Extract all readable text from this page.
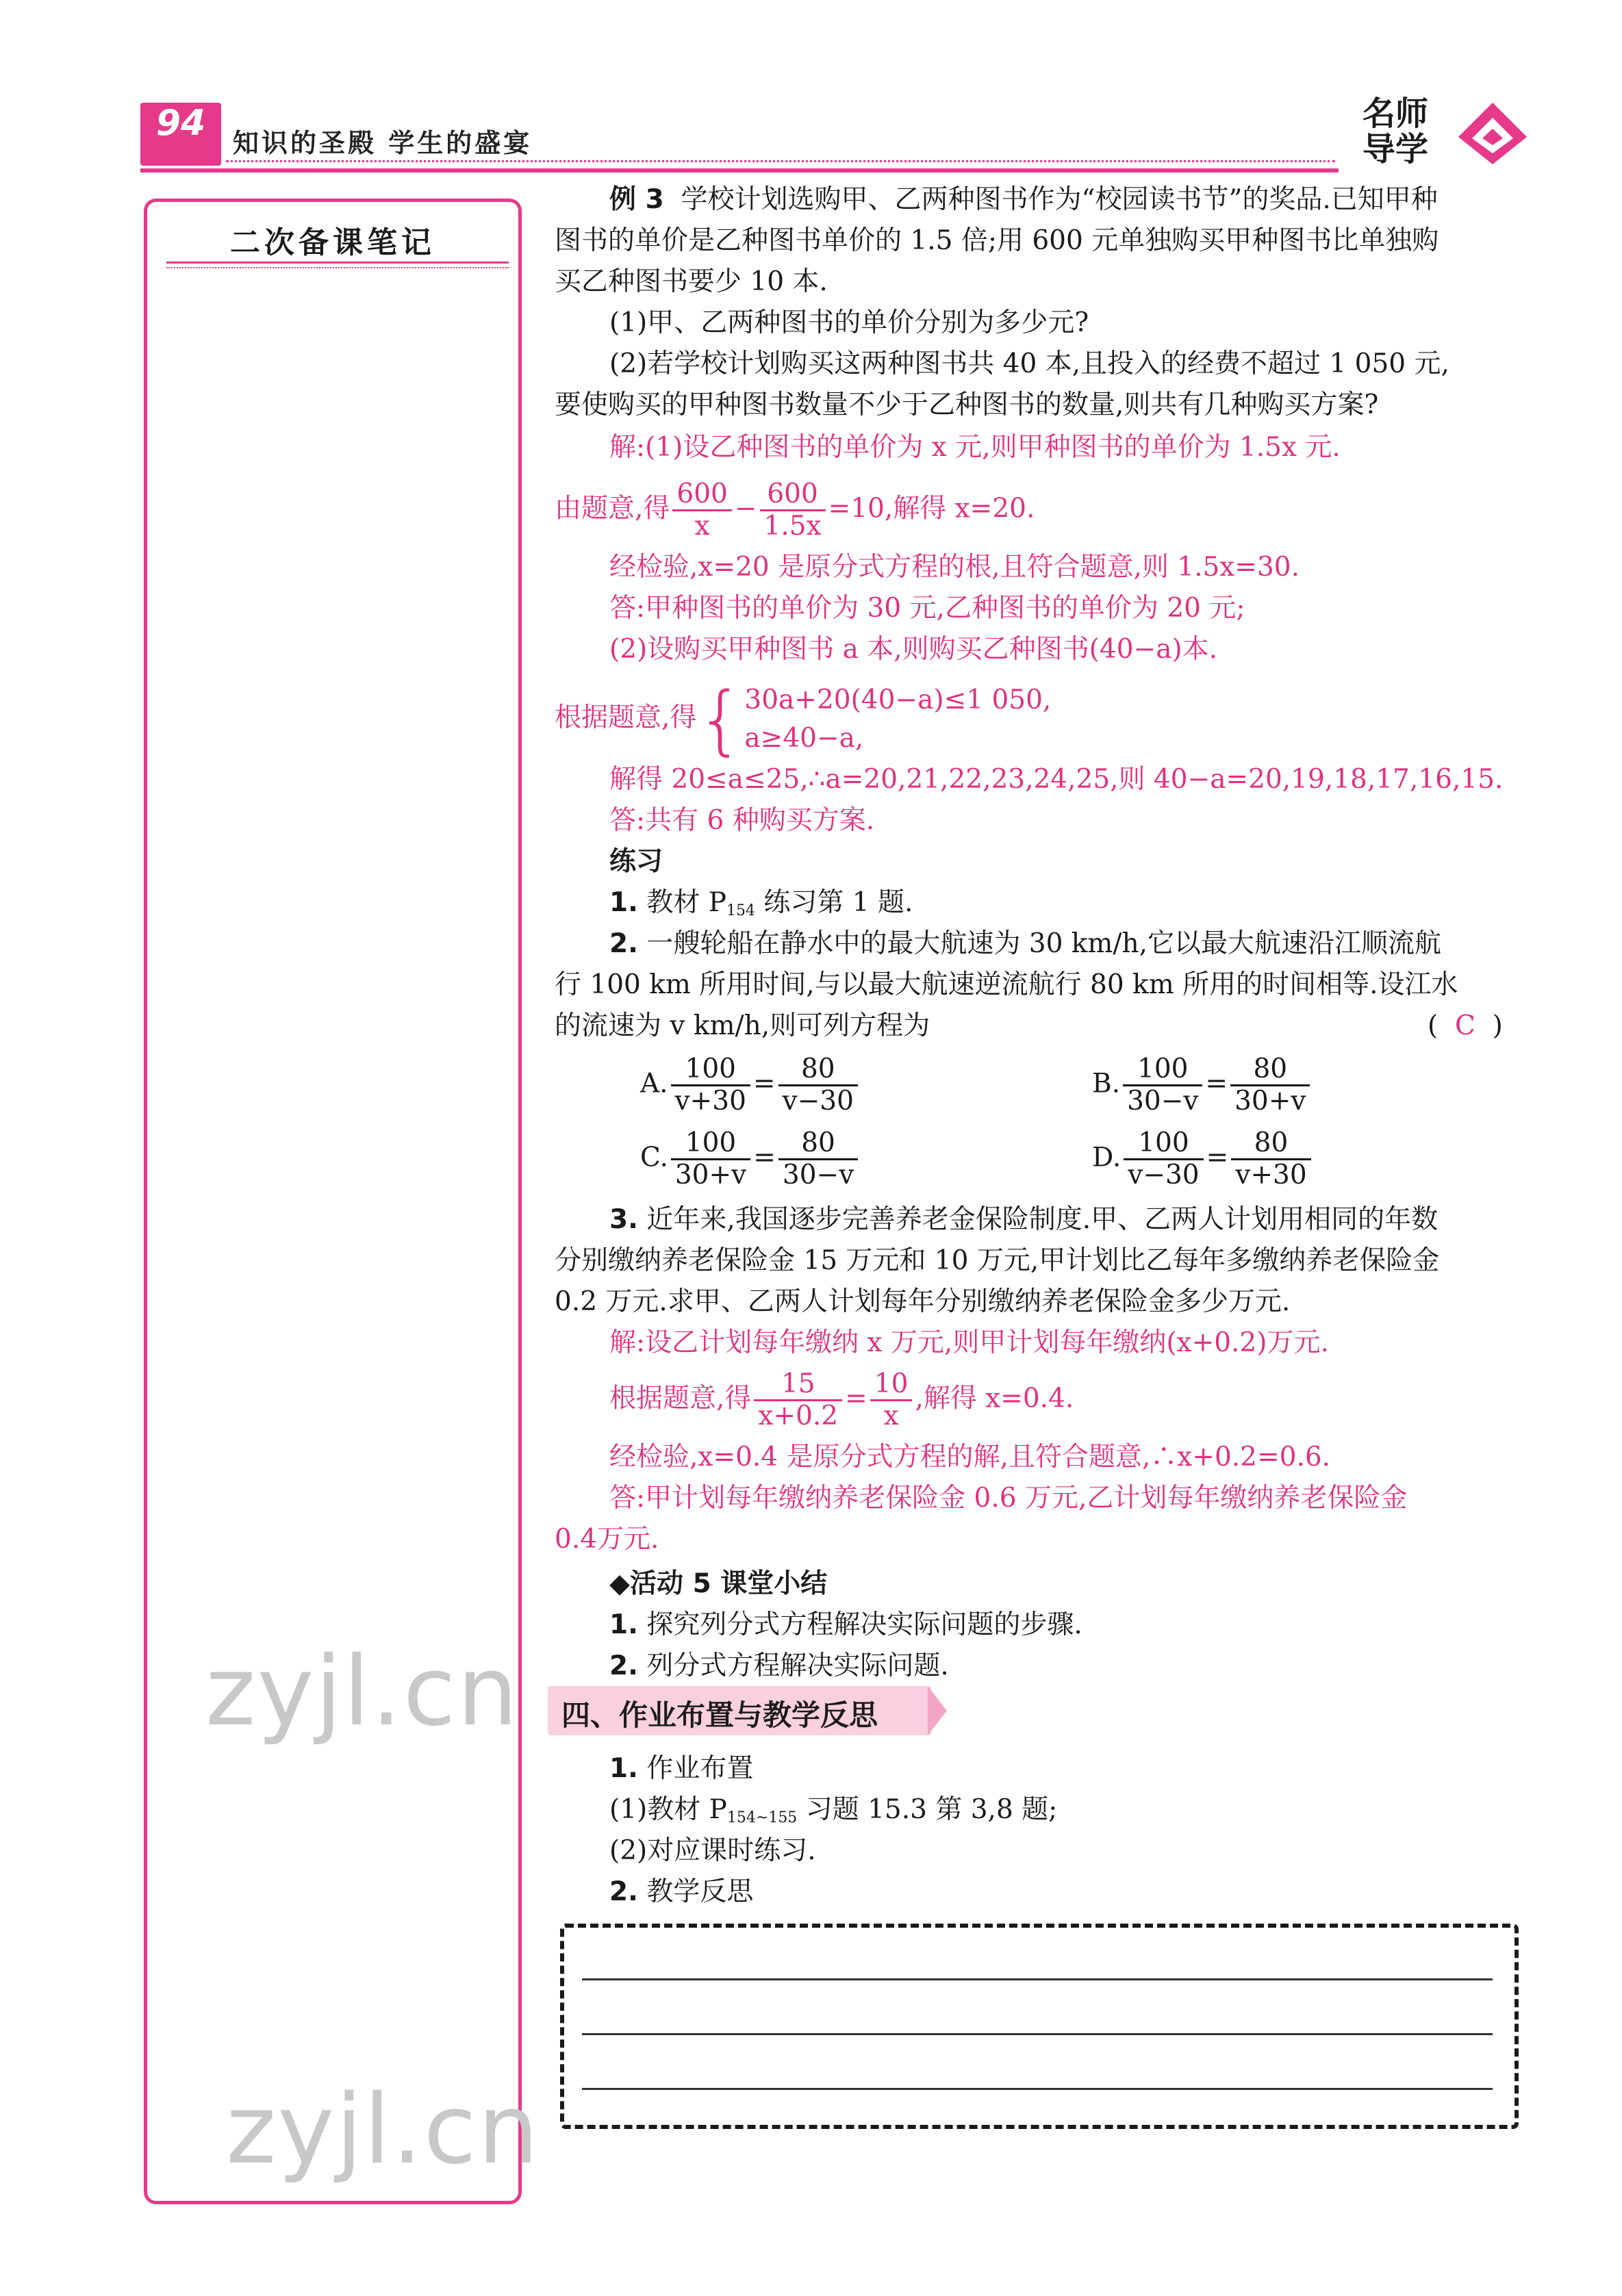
94	知识的圣殿 学生的盛宴
名师
导学
二次备课笔记
zyjl.cn
zyjl.cn
例 3 学校计划选购甲、乙两种图书作为“校园读书节”的奖品.已知甲种
图书的单价是乙种图书单价的 1.5 倍;用 600 元单独购买甲种图书比单独购
买乙种图书要少 10 本.
(1)甲、乙两种图书的单价分别为多少元?
(2)若学校计划购买这两种图书共 40 本,且投入的经费不超过 1 050 元,
要使购买的甲种图书数量不少于乙种图书的数量,则共有几种购买方案?
解:(1)设乙种图书的单价为 x 元,则甲种图书的单价为 1.5x 元.
由题意,得 $\frac{600}{x} - \frac{600}{1.5x} =10$,解得 x=20.
经检验,x=20 是原分式方程的根,且符合题意,则 1.5x=30.
答:甲种图书的单价为 30 元,乙种图书的单价为 20 元;
(2)设购买甲种图书 a 本,则购买乙种图书(40−a)本.
根据题意,得{ 30a+20(40−a)≤1 050,
a≥40−a,
解得 20≤a≤25,∴a=20,21,22,23,24,25,则 40−a=20,19,18,17,16,15.
答:共有 6 种购买方案.
练习
1. 教材 $P_{154}$ 练习第 1 题.
2. 一艘轮船在静水中的最大航速为 30 km/h,它以最大航速沿江顺流航
行 100 km 所用时间,与以最大航速逆流航行 80 km 所用的时间相等.设江水
的流速为 v km/h,则可列方程为	( C )
A. $\frac{100}{v+30} = \frac{80}{v-30}$	B. $\frac{100}{30-v} = \frac{80}{30+v}$
C. $\frac{100}{30+v} = \frac{80}{30-v}$	D. $\frac{100}{v-30} = \frac{80}{v+30}$
3. 近年来,我国逐步完善养老金保险制度.甲、乙两人计划用相同的年数
分别缴纳养老保险金 15 万元和 10 万元,甲计划比乙每年多缴纳养老保险金
0.2 万元.求甲、乙两人计划每年分别缴纳养老保险金多少万元.
解:设乙计划每年缴纳 x 万元,则甲计划每年缴纳(x+0.2)万元.
根据题意,得 $\frac{15}{x+0.2} = \frac{10}{x}$ ,解得 x=0.4.
经检验,x=0.4 是原分式方程的解,且符合题意,∴x+0.2=0.6.
答:甲计划每年缴纳养老保险金 0.6 万元,乙计划每年缴纳养老保险金
0.4万元.
◆活动 5 课堂小结
1. 探究列分式方程解决实际问题的步骤.
2. 列分式方程解决实际问题.
四、作业布置与教学反思
1. 作业布置
(1)教材 $P_{154\sim 155}$ 习题 15.3 第 3,8 题;
(2)对应课时练习.
2. 教学反思
